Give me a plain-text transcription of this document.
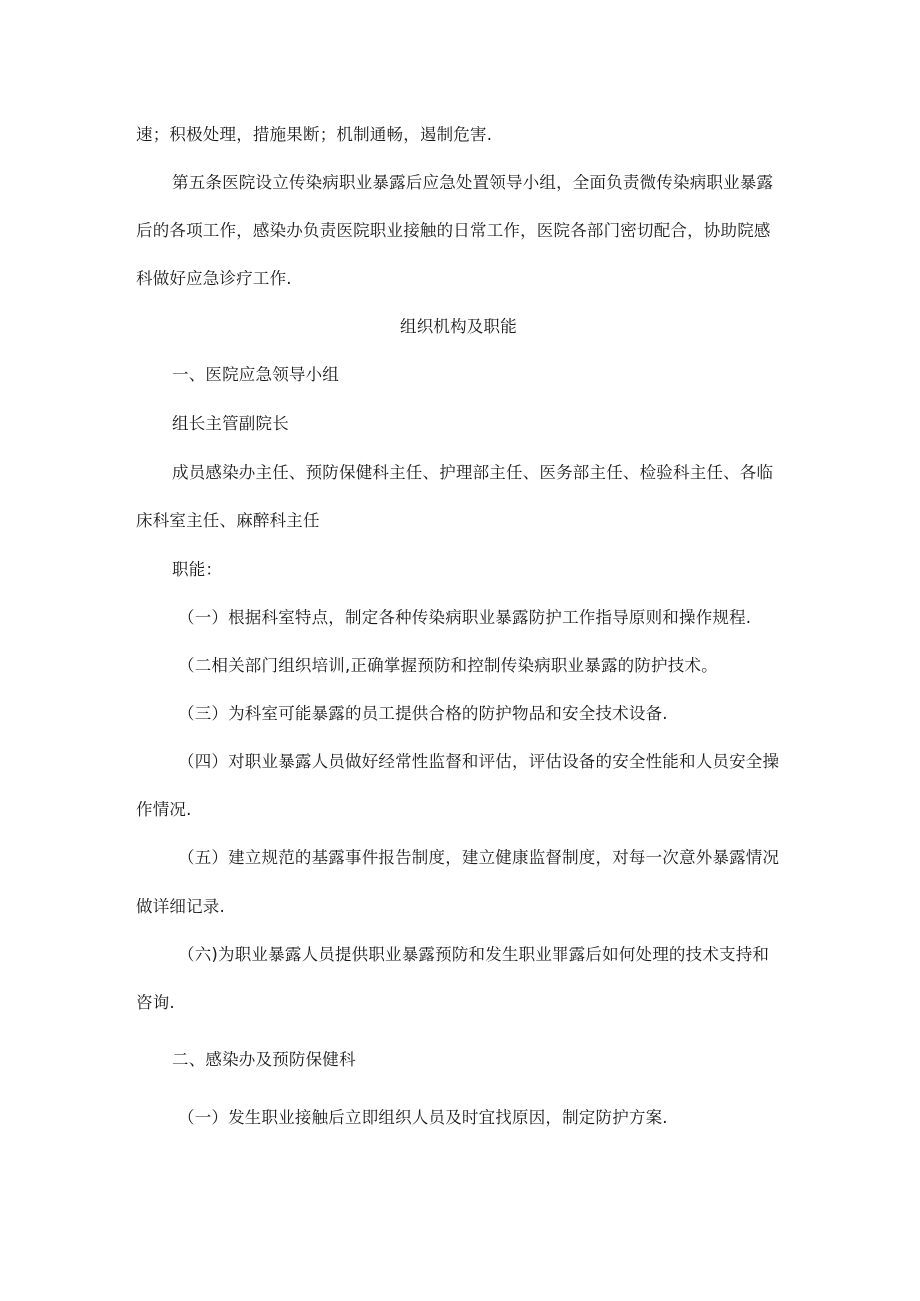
速；积极处理，措施果断；机制通畅，遏制危害.
第五条医院设立传染病职业暴露后应急处置领导小组，全面负责微传染病职业暴露
后的各项工作，感染办负责医院职业接触的日常工作，医院各部门密切配合，协助院感
科做好应急诊疗工作.
组织机构及职能
一、医院应急领导小组
组长主管副院长
成员感染办主任、预防保健科主任、护理部主任、医务部主任、检验科主任、各临
床科室主任、麻醉科主任
职能：
（一）根据科室特点，制定各种传染病职业暴露防护工作指导原则和操作规程.
（二相关部门组织培训,正确掌握预防和控制传染病职业暴露的防护技术。
（三）为科室可能暴露的员工提供合格的防护物品和安全技术设备.
（四）对职业暴露人员做好经常性监督和评估，评估设备的安全性能和人员安全操
作情况.
（五）建立规范的基露事件报告制度，建立健康监督制度，对每一次意外暴露情况
做详细记录.
（六)为职业暴露人员提供职业暴露预防和发生职业罪露后如何处理的技术支持和
咨询.
二、感染办及预防保健科
（一）发生职业接触后立即组织人员及时宜找原因，制定防护方案.
